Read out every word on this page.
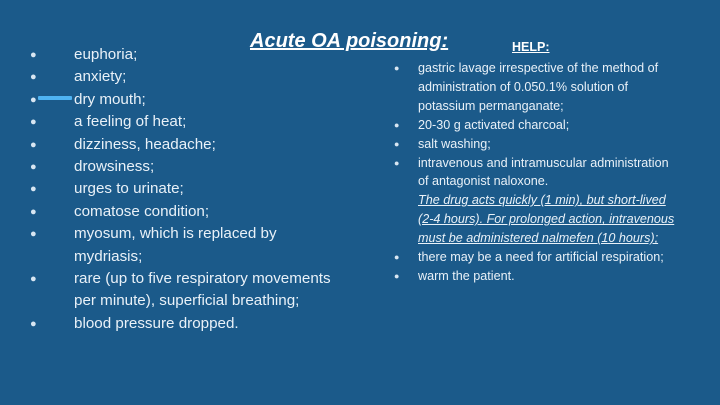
Acute OA poisoning:	HELP:
● euphoria;
● anxiety;
● dry mouth;
● a feeling of heat;
● dizziness, headache;
● drowsiness;
● urges to urinate;
● comatose condition;
● myosum, which is replaced by mydriasis;
● rare (up to five respiratory movements per minute), superficial breathing;
● blood pressure dropped.
● gastric lavage irrespective of the method of administration of 0.050.1% solution of potassium permanganate;
● 20-30 g activated charcoal;
● salt washing;
● intravenous and intramuscular administration of antagonist naloxone.
The drug acts quickly (1 min), but short-lived (2-4 hours). For prolonged action, intravenous must be administered nalmefen (10 hours);
● there may be a need for artificial respiration;
● warm the patient.
